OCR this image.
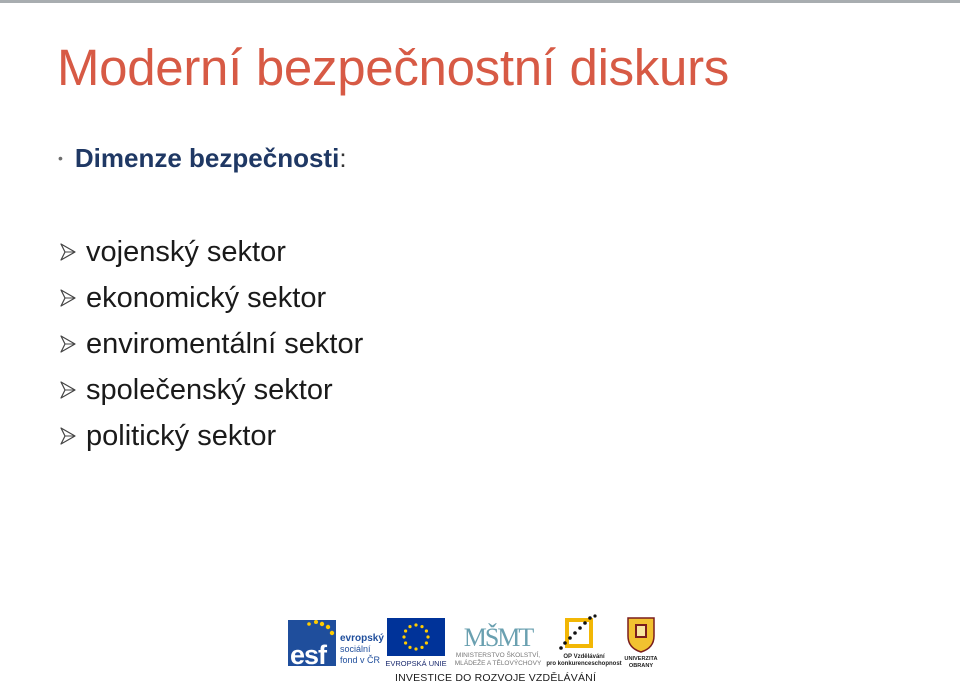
Moderní bezpečnostní diskurs
• Dimenze bezpečnosti :
vojenský sektor
ekonomický sektor
enviromentální sektor
společenský sektor
politický sektor
esf
evropský
sociální
fond v ČR EVROPSKÁ UNIE
MŠMT
MINISTERSTVO ŠKOLSTVÍ,
MLÁDEŽE A TĚLOVÝCHOVY
OP Vzdělávání
pro konkurenceschopnost
UNIVERZITA
OBRANY
INVESTICE DO ROZVOJE VZDĚLÁVÁNÍ
